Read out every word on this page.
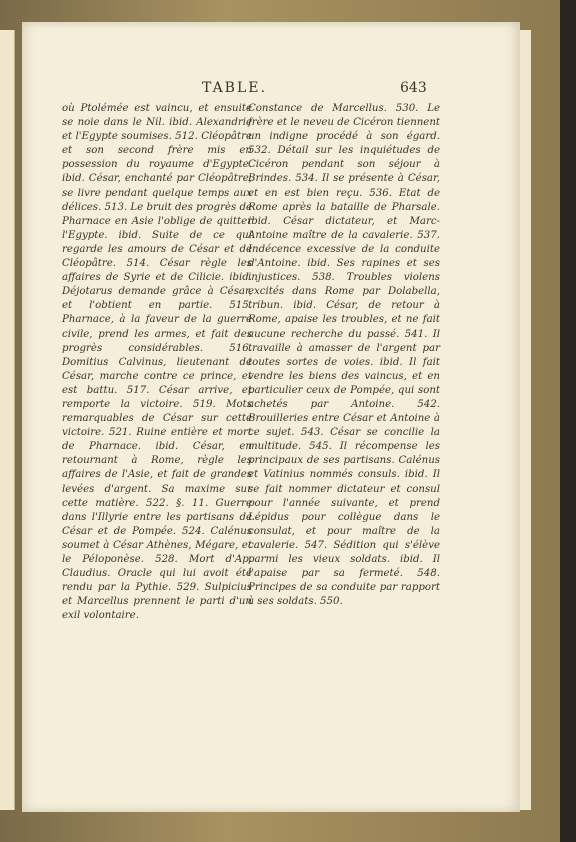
TABLE.	643
où Ptolémée est vaincu, et ensuite se noie dans le Nil. ibid. Alexandrie et l'Egypte soumises. 512. Cléopâtre et son second frère mis en possession du royaume d'Egypte. ibid. César, enchanté par Cléopâtre, se livre pendant quelque temps aux délices. 513. Le bruit des progrès de Pharnace en Asie l'oblige de quitter l'Egypte. ibid. Suite de ce qui regarde les amours de César et de Cléopâtre. 514. César règle les affaires de Syrie et de Cilicie. ibid. Déjotarus demande grâce à César, et l'obtient en partie. 515. Pharnace, à la faveur de la guerre civile, prend les armes, et fait des progrès considérables. 516. Domitius Calvinus, lieutenant de César, marche contre ce prince, et est battu. 517. César arrive, et remporte la victoire. 519. Mots remarquables de César sur cette victoire. 521. Ruine entière et mort de Pharnace. ibid. César, en retournant à Rome, règle les affaires de l'Asie, et fait de grandes levées d'argent. Sa maxime sur cette matière. 522. §. 11. Guerre dans l'Illyrie entre les partisans de César et de Pompée. 524. Calénus soumet à César Athènes, Mégare, et le Péloponèse. 528. Mort d'Ap. Claudius. Oracle qui lui avoit été rendu par la Pythie. 529. Sulpicius et Marcellus prennent le parti d'un exil volontaire.
Constance de Marcellus. 530. Le frère et le neveu de Cicéron tiennent un indigne procédé à son égard. 532. Détail sur les inquiétudes de Cicéron pendant son séjour à Brindes. 534. Il se présente à César, et en est bien reçu. 536. Etat de Rome après la bataille de Pharsale. ibid. César dictateur, et Marc-Antoine maître de la cavalerie. 537. Indécence excessive de la conduite d'Antoine. ibid. Ses rapines et ses injustices. 538. Troubles violens excités dans Rome par Dolabella, tribun. ibid. César, de retour à Rome, apaise les troubles, et ne fait aucune recherche du passé. 541. Il travaille à amasser de l'argent par toutes sortes de voies. ibid. Il fait vendre les biens des vaincus, et en particulier ceux de Pompée, qui sont achetés par Antoine. 542. Brouilleries entre César et Antoine à ce sujet. 543. César se concilie la multitude. 545. Il récompense les principaux de ses partisans. Calénus et Vatinius nommés consuls. ibid. Il se fait nommer dictateur et consul pour l'année suivante, et prend Lépidus pour collègue dans le consulat, et pour maître de la cavalerie. 547. Sédition qui s'élève parmi les vieux soldats. ibid. Il l'apaise par sa fermeté. 548. Principes de sa conduite par rapport à ses soldats. 550.
